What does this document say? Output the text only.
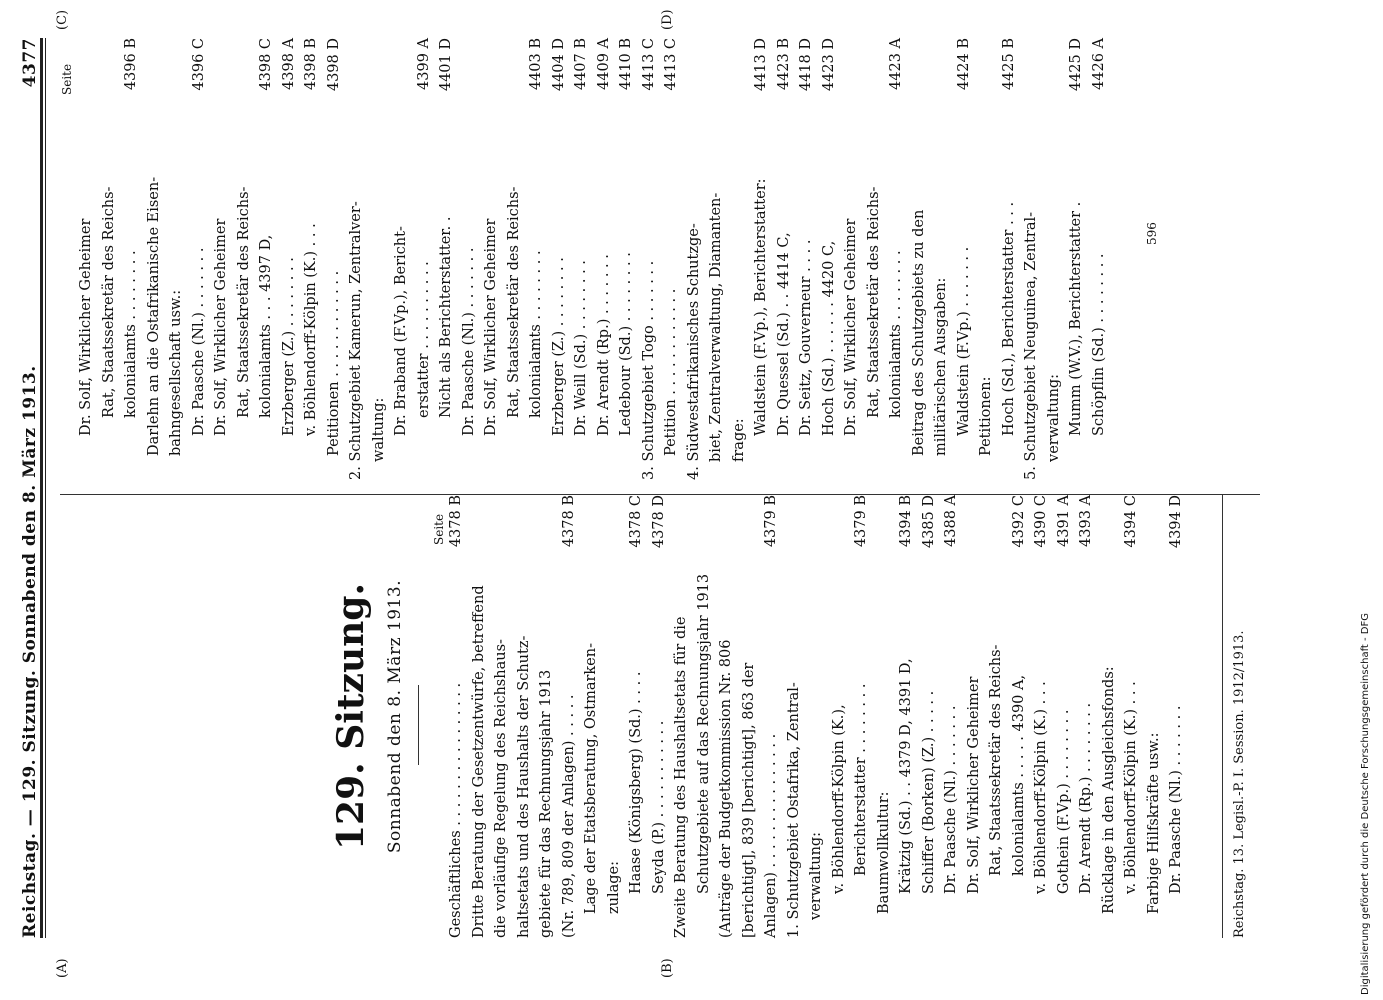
Reichstag. — 129. Sitzung. Sonnabend den 8. März 1913.
4377
129. Sitzung. Sonnabend den 8. März 1913.
(A)	(B)
(C)	(D)
Seite
Seite
Geschäftliches . . . . . . . . . . . . . . . .
4378 B
Dritte Beratung der Gesetzentwürfe, betreffend die vorläufige Regelung des Reichshaus- haltsetats und des Haushalts der Schutz- gebiete für das Rechnungsjahr 1913 (Nr. 789, 809 der Anlagen) . . . . .
4378 B
Lage der Etatsberatung, Ostmarken- zulage: Haase (Königsberg) (Sd.) . . . .
4378 C
Seyda (P.) . . . . . . . . . . .
4378 D
Zweite Beratung des Haushaltsetats für die Schutzgebiete auf das Rechnungsjahr 1913 (Anträge der Budgetkommission Nr. 806 [berichtigt], 839 [berichtigt], 863 der Anlagen) . . . . . . . . . . . . . . .
4379 B
1. Schutzgebiet Ostafrika, Zentral- verwaltung: v. Böhlendorff-Kölpin (K.), Berichterstatter . . . . . . . .
4379 B
Baumwollkultur: Krätzig (Sd.) . . 4379 D, 4391 D,
4394 B
Schiffer (Borken) (Z.) . . . . .
4385 D
Dr. Paasche (Nl.) . . . . . . .
4388 A
Dr. Solf, Wirklicher Geheimer Rat, Staatssekretär des Reichs- kolonialamts . . . . . 4390 A,
4392 C
v. Böhlendorff-Kölpin (K.) . . .
4390 C
Gothein (F.Vp.) . . . . . . . .
4391 A
Dr. Arendt (Rp.) . . . . . . . .
4393 A
Rücklage in den Ausgleichsfonds: v. Böhlendorff-Kölpin (K.) . . .
4394 C
Farbige Hilfskräfte usw.: Dr. Paasche (Nl.) . . . . . . .
4394 D
Dr. Solf, Wirklicher Geheimer Rat, Staatssekretär des Reichs- kolonialamts . . . . . . . .
4396 B
Darlehn an die Ostafrikanische Eisen- bahngesellschaft usw.: Dr. Paasche (Nl.) . . . . . . .
4396 C
Dr. Solf, Wirklicher Geheimer Rat, Staatssekretär des Reichs- kolonialamts . . . 4397 D,
4398 C
Erzberger (Z.) . . . . . . . .
4398 A
v. Böhlendorff-Kölpin (K.) . . .
4398 B
Petitionen . . . . . . . . . . . .
4398 D
2. Schutzgebiet Kamerun, Zentralver- waltung: Dr. Braband (F.Vp.), Bericht- erstatter . . . . . . . . . .
4399 A
Nicht als Berichterstatter. .
4401 D
Dr. Paasche (Nl.) . . . . . . . Dr. Solf, Wirklicher Geheimer Rat, Staatssekretär des Reichs- kolonialamts . . . . . . . .
4403 B
Erzberger (Z.) . . . . . . . .
4404 D
Dr. Weill (Sd.) . . . . . . . .
4407 B
Dr. Arendt (Rp.) . . . . . . .
4409 A
Ledebour (Sd.) . . . . . . . .
4410 B
3. Schutzgebiet Togo . . . . . . .
4413 C
Petition . . . . . . . . . . . .
4413 C
4. Südwestafrikanisches Schutzge- biet, Zentralverwaltung, Diamanten- frage:
Waldstein (F.Vp.), Berichterstatter:
4413 D
Dr. Quessel (Sd.) . . 4414 C,
4423 B
Dr. Seitz, Gouverneur . . . .
4418 D
Hoch (Sd.) . . . . . . 4420 C,
4423 D
Dr. Solf, Wirklicher Geheimer Rat, Staatssekretär des Reichs- kolonialamts . . . . . . . .
4423 A
Beitrag des Schutzgebiets zu den militärischen Ausgaben: Waldstein (F.Vp.) . . . . . . .
4424 B
Petitionen: Hoch (Sd.), Berichterstatter . . .
4425 B
5. Schutzgebiet Neuguinea, Zentral- verwaltung: Mumm (W.V.), Berichterstatter .
4425 D
Schöpflin (Sd.) . . . . . . . .
4426 A
Reichstag. 13. Legisl.-P. I. Session. 1912/1913.
596
Digitalisierung gefördert durch die Deutsche Forschungsgemeinschaft - DFG
